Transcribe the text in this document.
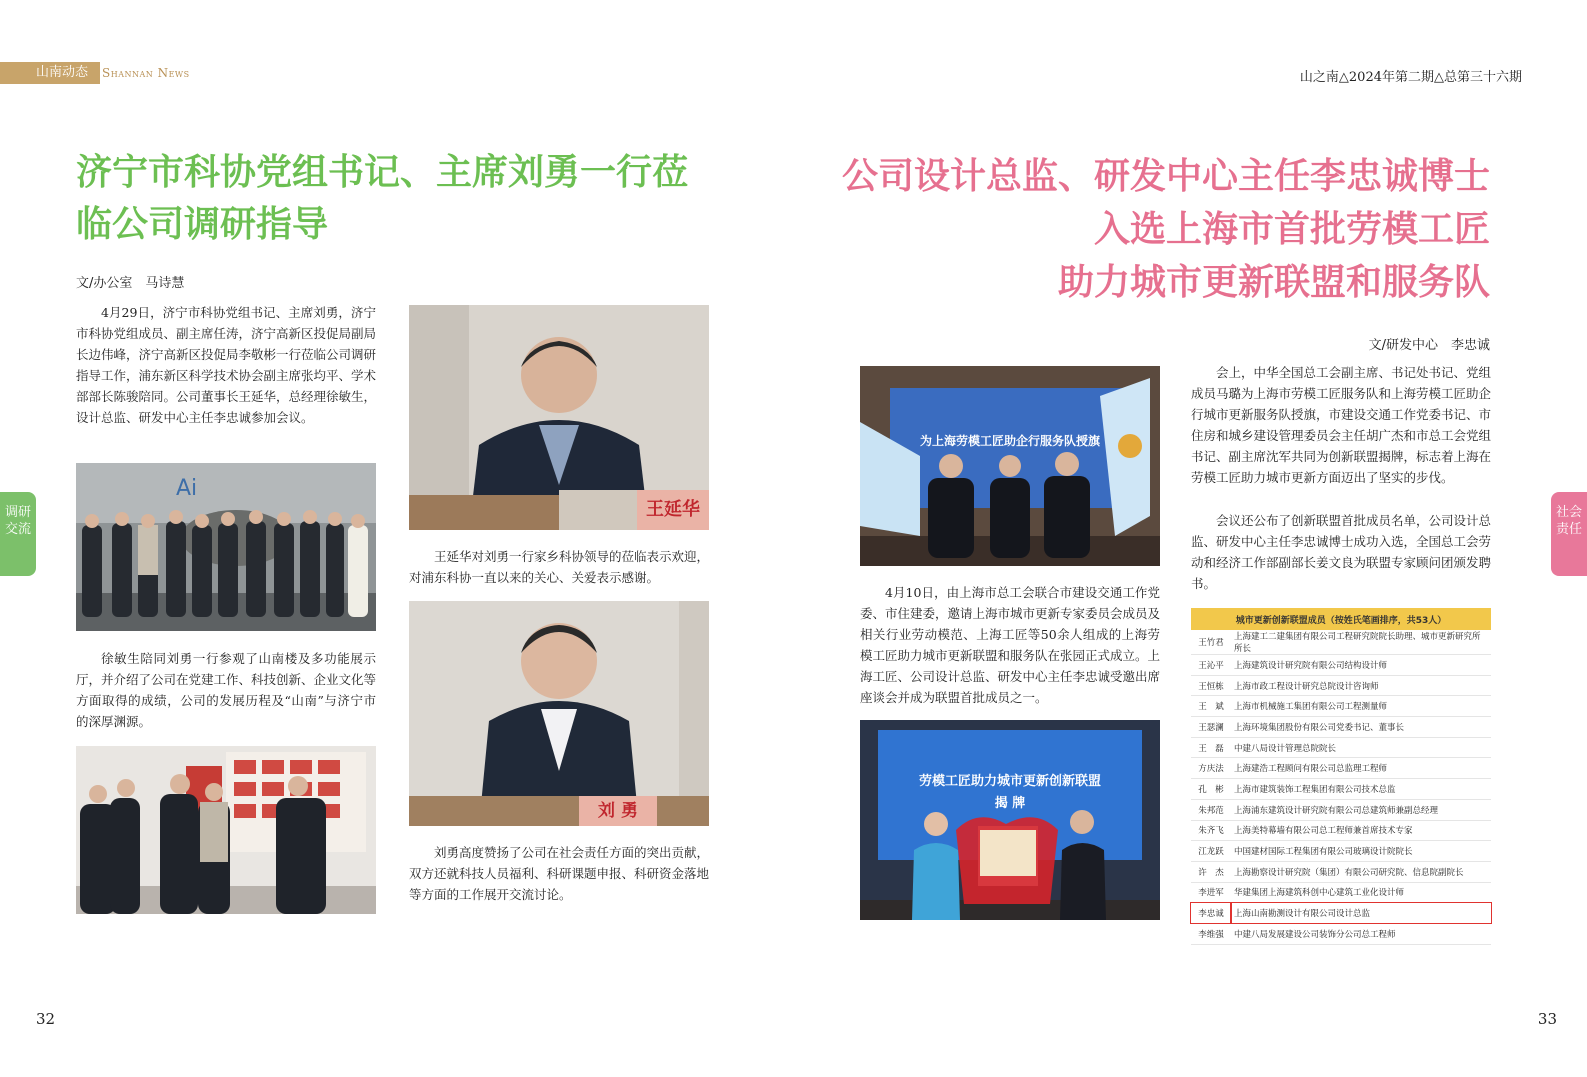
山南动态	Shannan News	山之南△2024年第二期△总第三十六期
济宁市科协党组书记、主席刘勇一行莅临公司调研指导
文/办公室　马诗慧

4月29日，济宁市科协党组书记、主席刘勇，济宁市科协党组成员、副主席任涛，济宁高新区投促局副局长边伟峰，济宁高新区投促局李敬彬一行莅临公司调研指导工作，浦东新区科学技术协会副主席张均平、学术部部长陈骏陪同。公司董事长王延华，总经理徐敏生，设计总监、研发中心主任李忠诚参加会议。

Ai

徐敏生陪同刘勇一行参观了山南楼及多功能展示厅，并介绍了公司在党建工作、科技创新、企业文化等方面取得的成绩，公司的发展历程及“山南”与济宁市的深厚渊源。

王延华

王延华对刘勇一行家乡科协领导的莅临表示欢迎，对浦东科协一直以来的关心、关爱表示感谢。

刘 勇

刘勇高度赞扬了公司在社会责任方面的突出贡献，双方还就科技人员福利、科研课题申报、科研资金落地等方面的工作展开交流讨论。

调研交流
32
公司设计总监、研发中心主任李忠诚博士
入选上海市首批劳模工匠
助力城市更新联盟和服务队
文/研发中心　李忠诚
为上海劳模工匠助企行服务队授旗

4月10日，由上海市总工会联合市建设交通工作党委、市住建委，邀请上海市城市更新专家委员会成员及相关行业劳动模范、上海工匠等50余人组成的上海劳模工匠助力城市更新联盟和服务队在张园正式成立。上海工匠、公司设计总监、研发中心主任李忠诚受邀出席座谈会并成为联盟首批成员之一。

劳模工匠助力城市更新创新联盟
揭 牌

会上，中华全国总工会副主席、书记处书记、党组成员马璐为上海市劳模工匠服务队和上海劳模工匠助企行城市更新服务队授旗，市建设交通工作党委书记、市住房和城乡建设管理委员会主任胡广杰和市总工会党组书记、副主席沈军共同为创新联盟揭牌，标志着上海在劳模工匠助力城市更新方面迈出了坚实的步伐。

会议还公布了创新联盟首批成员名单，公司设计总监、研发中心主任李忠诚博士成功入选，全国总工会劳动和经济工作部副部长姜文良为联盟专家顾问团颁发聘书。

城市更新创新联盟成员（按姓氏笔画排序，共53人）	
王竹君	上海建工二建集团有限公司工程研究院院长助理、城市更新研究所所长
王沁平	上海建筑设计研究院有限公司结构设计师
王恒栋	上海市政工程设计研究总院设计咨询师
王　斌	上海市机械施工集团有限公司工程测量师
王瑟澜	上海环境集团股份有限公司党委书记、董事长
王　磊	中建八局设计管理总院院长
方庆法	上海建浩工程顾问有限公司总监理工程师
孔　彬	上海市建筑装饰工程集团有限公司技术总监
朱邦范	上海浦东建筑设计研究院有限公司总建筑师兼副总经理
朱齐飞	上海美特幕墙有限公司总工程师兼首席技术专家
江龙跃	中国建材国际工程集团有限公司玻璃设计院院长
许　杰	上海勘察设计研究院（集团）有限公司研究院、信息院副院长
李进军	华建集团上海建筑科创中心建筑工业化设计师
李忠诚	上海山南勘测设计有限公司设计总监
李维强	中建八局发展建设公司装饰分公司总工程师
社会责任
33
